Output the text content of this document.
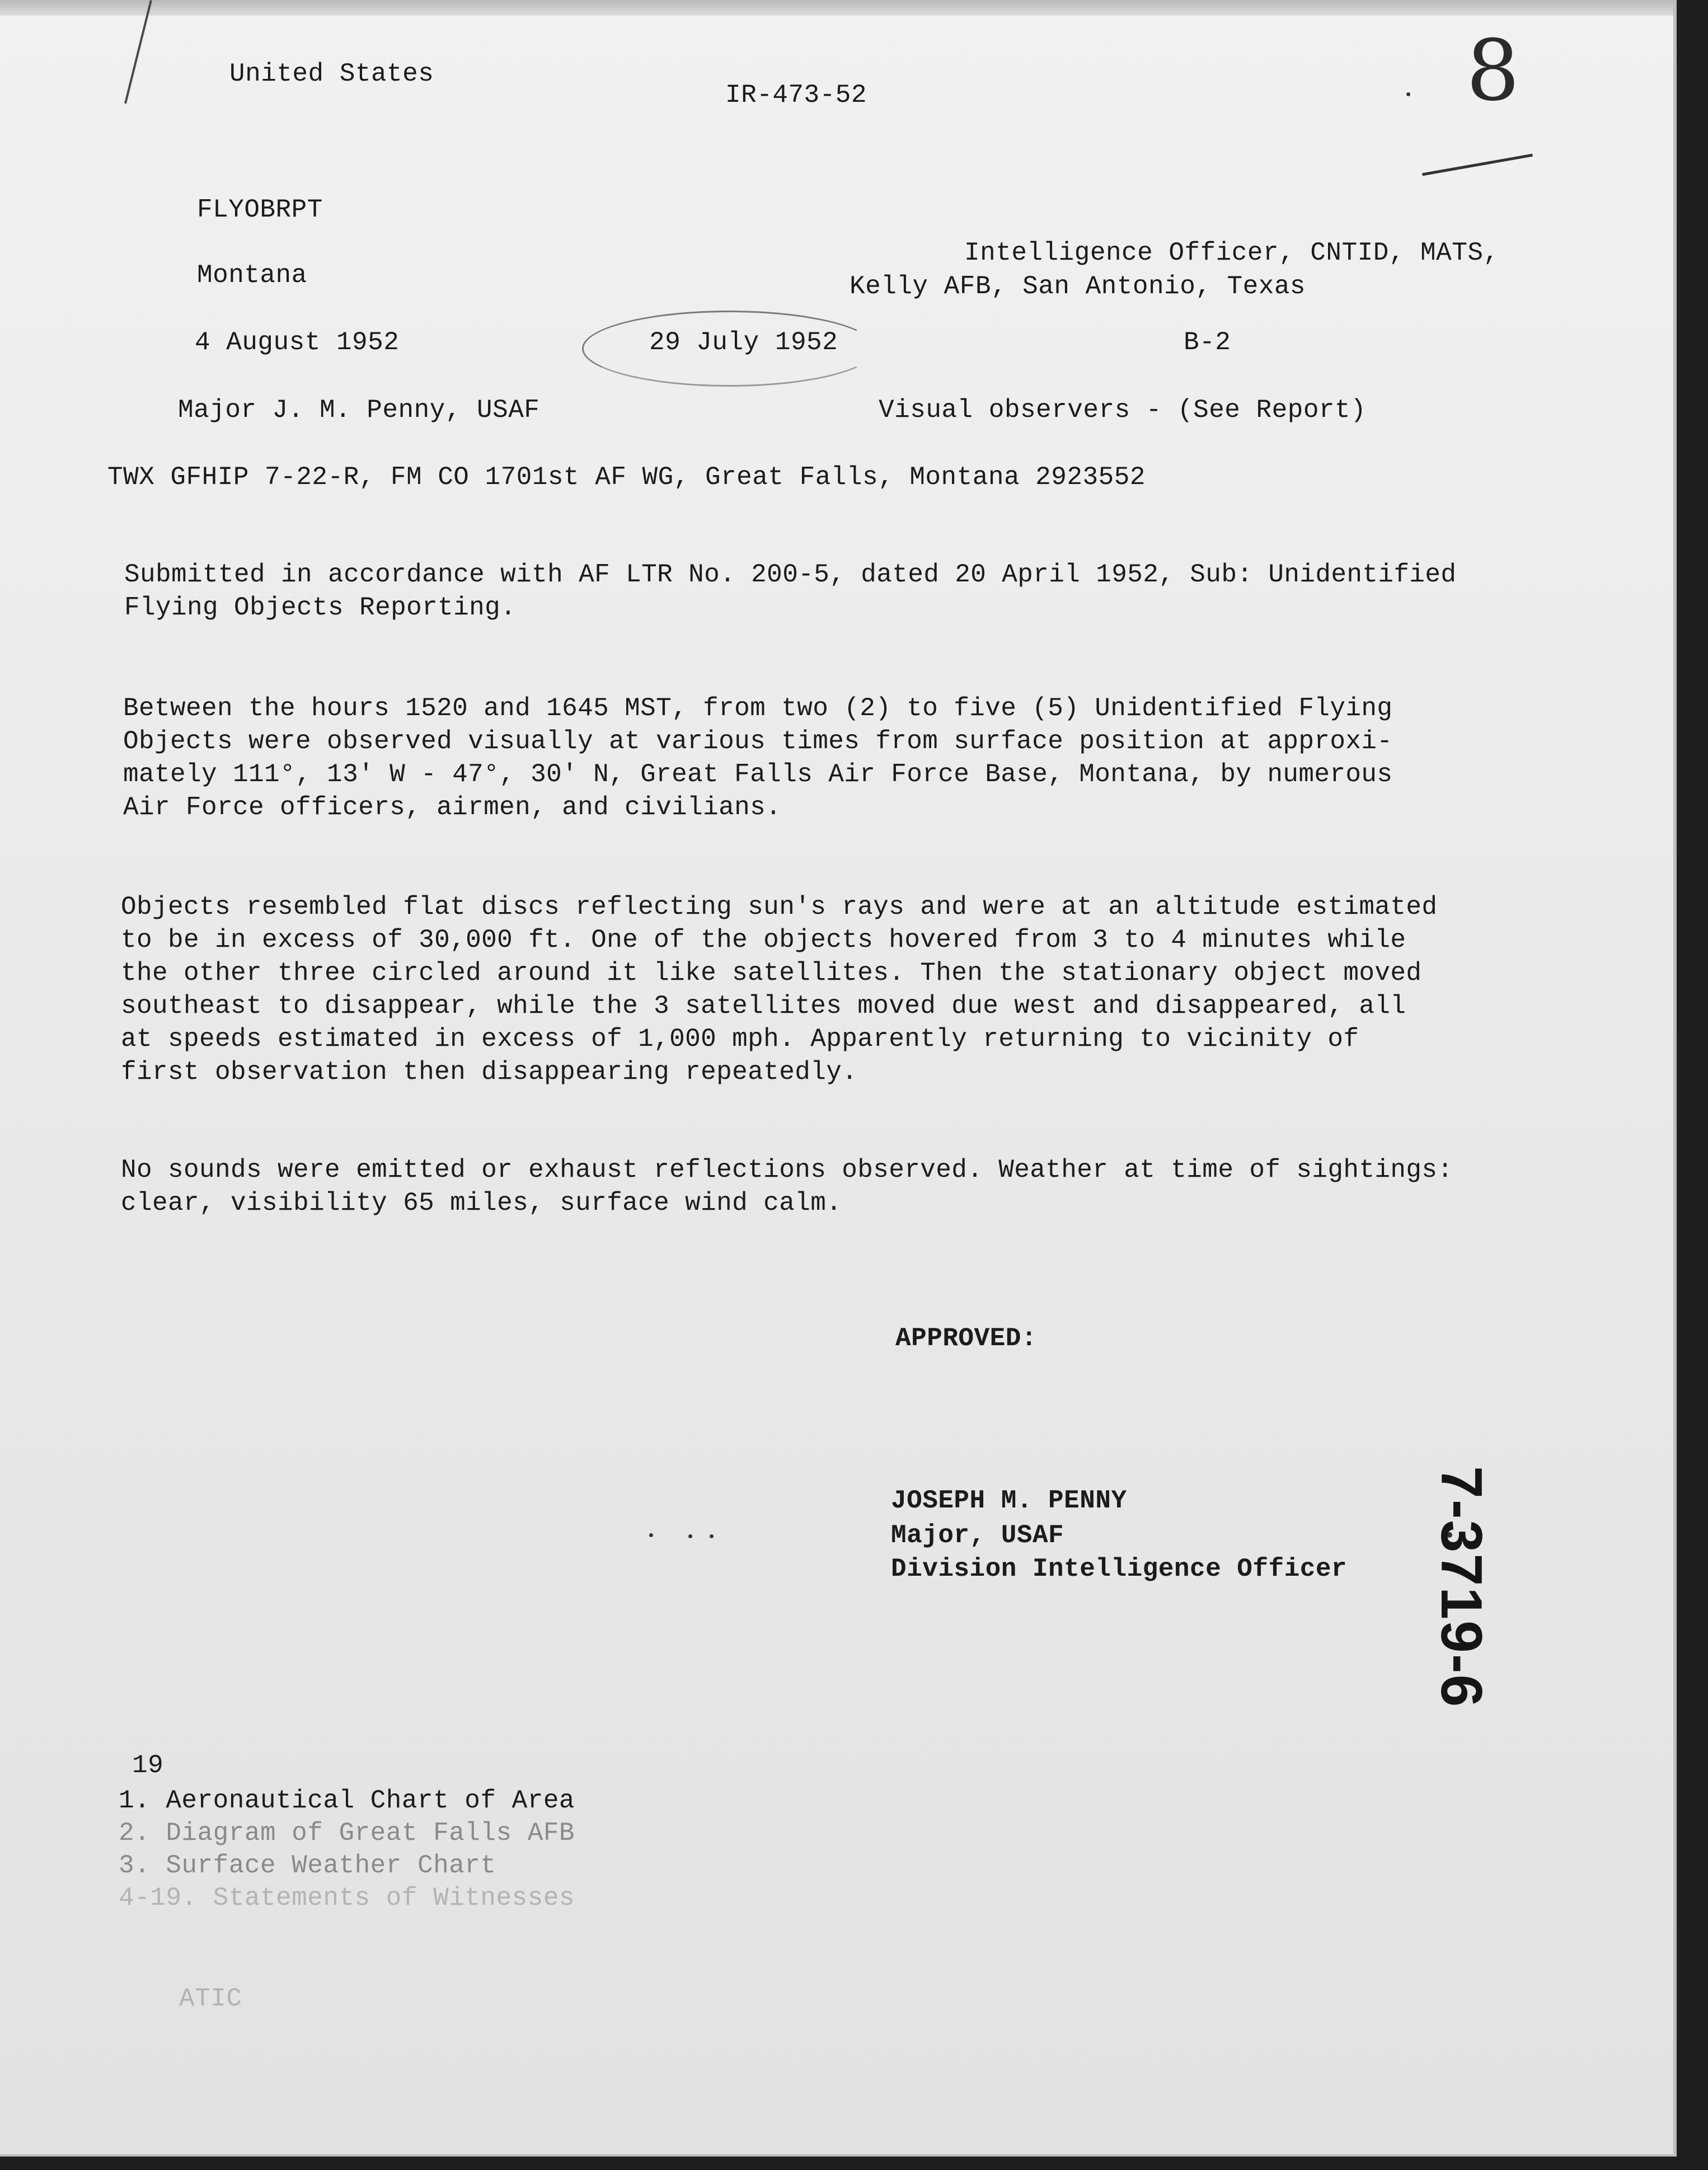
United States
IR-473-52	8
FLYOBRPT
Intelligence Officer, CNTID, MATS,
Montana	Kelly AFB, San Antonio, Texas
4 August 1952	29 July 1952	B-2
Major J. M. Penny, USAF	Visual observers - (See Report)
TWX GFHIP 7-22-R, FM CO 1701st AF WG, Great Falls, Montana 2923552
Submitted in accordance with AF LTR No. 200-5, dated 20 April 1952, Sub: Unidentified
Flying Objects Reporting.
Between the hours 1520 and 1645 MST, from two (2) to five (5) Unidentified Flying
Objects were observed visually at various times from surface position at approxi-
mately 111°, 13' W - 47°, 30' N, Great Falls Air Force Base, Montana, by numerous
Air Force officers, airmen, and civilians.
Objects resembled flat discs reflecting sun's rays and were at an altitude estimated
to be in excess of 30,000 ft. One of the objects hovered from 3 to 4 minutes while
the other three circled around it like satellites. Then the stationary object moved
southeast to disappear, while the 3 satellites moved due west and disappeared, all
at speeds estimated in excess of 1,000 mph. Apparently returning to vicinity of
first observation then disappearing repeatedly.
No sounds were emitted or exhaust reflections observed. Weather at time of sightings:
clear, visibility 65 miles, surface wind calm.
APPROVED:
JOSEPH M. PENNY
Major, USAF
Division Intelligence Officer 7-3719-6
19
1. Aeronautical Chart of Area
2. Diagram of Great Falls AFB
3. Surface Weather Chart
4-19. Statements of Witnesses
ATIC
